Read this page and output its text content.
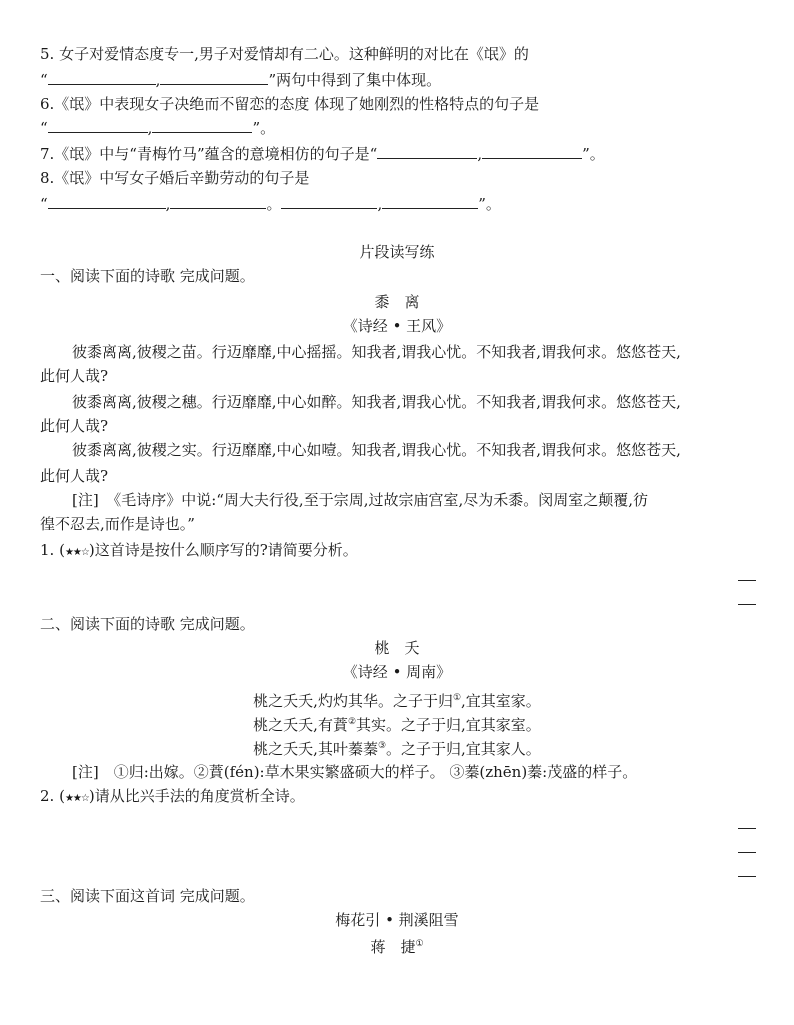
5. 女子对爱情态度专一,男子对爱情却有二心。这种鲜明的对比在《氓》的
“	,	”两句中得到了集中体现。
6.《氓》中表现女子决绝而不留恋的态度 体现了她刚烈的性格特点的句子是
“	,	”。
7.《氓》中与“青梅竹马”蕴含的意境相仿的句子是“	,	”。
8.《氓》中写女子婚后辛勤劳动的句子是
“	,	。	,	”。
片段读写练
一、阅读下面的诗歌 完成问题。
黍　离
《诗经 • 王风》
彼黍离离,彼稷之苗。行迈靡靡,中心摇摇。知我者,谓我心忧。不知我者,谓我何求。悠悠苍天,
此何人哉?
彼黍离离,彼稷之穗。行迈靡靡,中心如醉。知我者,谓我心忧。不知我者,谓我何求。悠悠苍天,
此何人哉?
彼黍离离,彼稷之实。行迈靡靡,中心如噎。知我者,谓我心忧。不知我者,谓我何求。悠悠苍天,
此何人哉?
[注]　《毛诗序》中说:“周大夫行役,至于宗周,过故宗庙宫室,尽为禾黍。闵周室之颠覆,彷
徨不忍去,而作是诗也。”
1. (★★☆)这首诗是按什么顺序写的?请简要分析。
二、阅读下面的诗歌 完成问题。
桃　夭
《诗经 • 周南》
桃之夭夭,灼灼其华。之子于归①,宜其室家。
桃之夭夭,有蕡②其实。之子于归,宜其家室。
桃之夭夭,其叶蓁蓁③。之子于归,宜其家人。
[注]　①归:出嫁。②蕡(fén):草木果实繁盛硕大的样子。 ③蓁(zhēn)蓁:茂盛的样子。
2. (★★☆)请从比兴手法的角度赏析全诗。
三、阅读下面这首词 完成问题。
梅花引 • 荆溪阻雪
蒋　捷①
